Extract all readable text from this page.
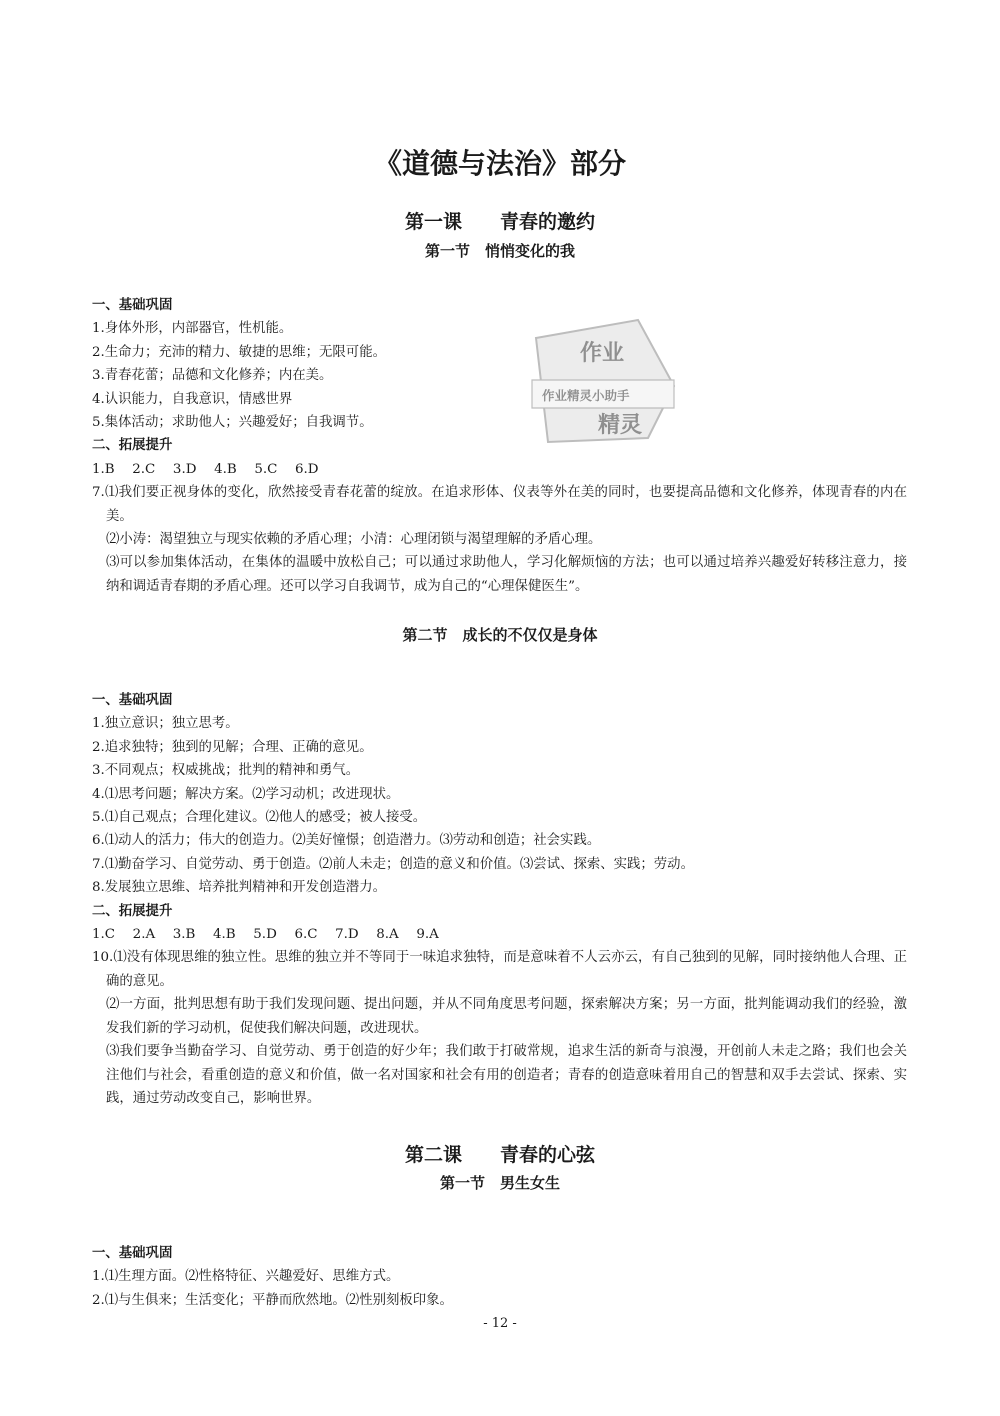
《道德与法治》部分
第一课　　青春的邀约
第一节　悄悄变化的我
一、基础巩固
1.身体外形，内部器官，性机能。
2.生命力；充沛的精力、敏捷的思维；无限可能。
3.青春花蕾；品德和文化修养；内在美。
4.认识能力，自我意识，情感世界
5.集体活动；求助他人；兴趣爱好；自我调节。
二、拓展提升
1.B　 2.C　 3.D　 4.B　 5.C　 6.D
7.⑴我们要正视身体的变化，欣然接受青春花蕾的绽放。在追求形体、仪表等外在美的同时，也要提高品德和文化修养，体现青春的内在美。
⑵小涛：渴望独立与现实依赖的矛盾心理；小清：心理闭锁与渴望理解的矛盾心理。
⑶可以参加集体活动，在集体的温暖中放松自己；可以通过求助他人，学习化解烦恼的方法；也可以通过培养兴趣爱好转移注意力，接纳和调适青春期的矛盾心理。还可以学习自我调节，成为自己的“心理保健医生”。
作业
作业精灵小助手
精灵
第二节　成长的不仅仅是身体
一、基础巩固
1.独立意识；独立思考。
2.追求独特；独到的见解；合理、正确的意见。
3.不同观点；权威挑战；批判的精神和勇气。
4.⑴思考问题；解决方案。⑵学习动机；改进现状。
5.⑴自己观点；合理化建议。⑵他人的感受；被人接受。
6.⑴动人的活力；伟大的创造力。⑵美好憧憬；创造潜力。⑶劳动和创造；社会实践。
7.⑴勤奋学习、自觉劳动、勇于创造。⑵前人未走；创造的意义和价值。⑶尝试、探索、实践；劳动。
8.发展独立思维、培养批判精神和开发创造潜力。
二、拓展提升
1.C　 2.A　 3.B　 4.B　 5.D　 6.C　 7.D　 8.A　 9.A
10.⑴没有体现思维的独立性。思维的独立并不等同于一味追求独特，而是意味着不人云亦云，有自己独到的见解，同时接纳他人合理、正确的意见。
⑵一方面，批判思想有助于我们发现问题、提出问题，并从不同角度思考问题，探索解决方案；另一方面，批判能调动我们的经验，激发我们新的学习动机，促使我们解决问题，改进现状。
⑶我们要争当勤奋学习、自觉劳动、勇于创造的好少年；我们敢于打破常规，追求生活的新奇与浪漫，开创前人未走之路；我们也会关注他们与社会，看重创造的意义和价值，做一名对国家和社会有用的创造者；青春的创造意味着用自己的智慧和双手去尝试、探索、实践，通过劳动改变自己，影响世界。
第二课　　青春的心弦
第一节　男生女生
一、基础巩固
1.⑴生理方面。⑵性格特征、兴趣爱好、思维方式。
2.⑴与生俱来；生活变化；平静而欣然地。⑵性别刻板印象。
- 12 -
